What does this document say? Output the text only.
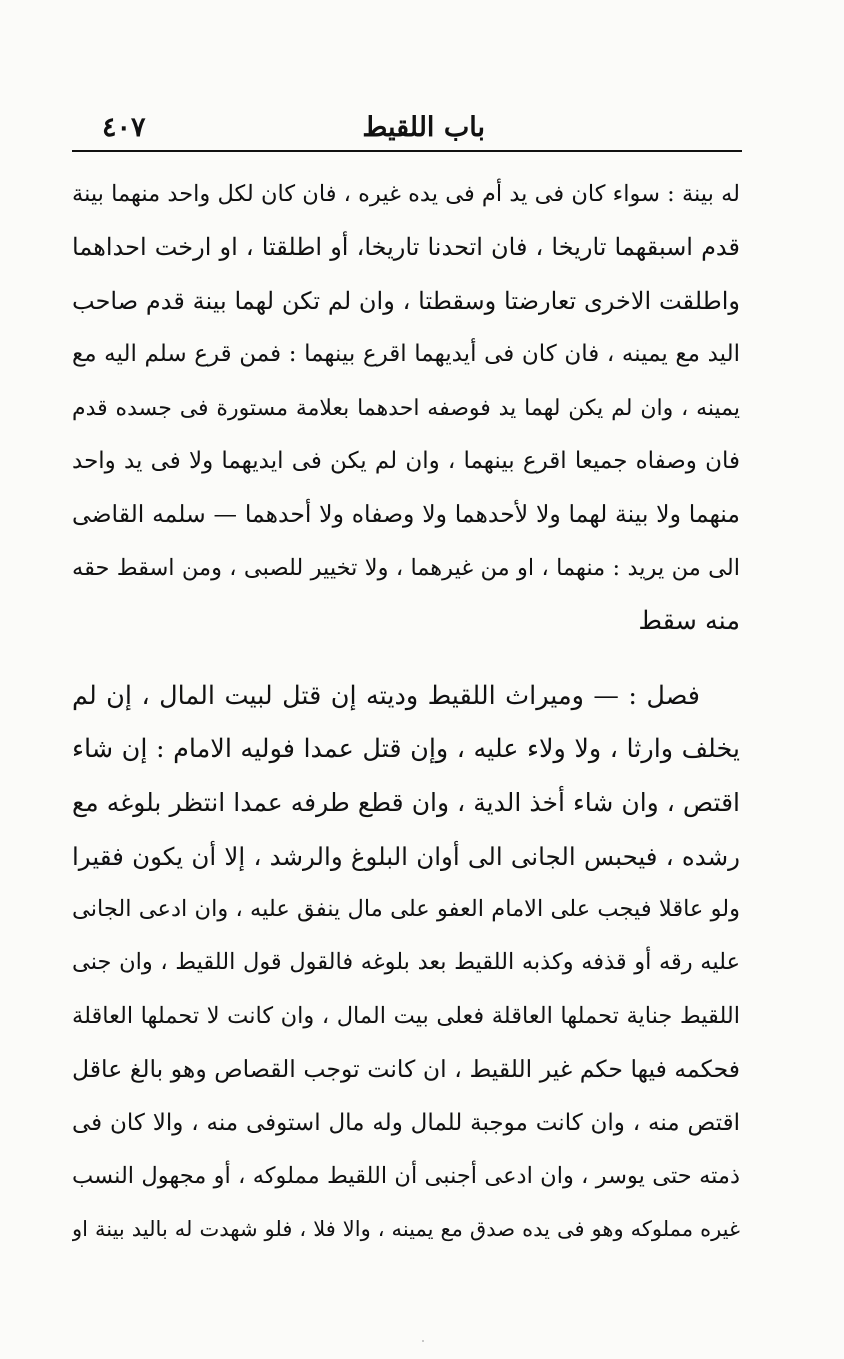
باب اللقيط
٤٠٧
له بينة : سواء كان فى يد أم فى يده غيره ، فان كان لكل واحد منهما بينة
قدم اسبقهما تاريخا ، فان اتحدنا تاريخا، أو اطلقتا ، او ارخت احداهما
واطلقت الاخرى تعارضتا وسقطتا ، وان لم تكن لهما بينة قدم صاحب
اليد مع يمينه ، فان كان فى أيديهما اقرع بينهما : فمن قرع سلم اليه مع
يمينه ، وان لم يكن لهما يد فوصفه احدهما بعلامة مستورة فى جسده قدم
فان وصفاه جميعا اقرع بينهما ، وان لم يكن فى ايديهما ولا فى يد واحد
منهما ولا بينة لهما ولا لأحدهما ولا وصفاه ولا أحدهما — سلمه القاضى
الى من يريد : منهما ، او من غيرهما ، ولا تخيير للصبى ، ومن اسقط حقه
منه سقط
فصل : — وميراث اللقيط وديته إن قتل لبيت المال ، إن لم
يخلف وارثا ، ولا ولاء عليه ، وإن قتل عمدا فوليه الامام : إن شاء
اقتص ، وان شاء أخذ الدية ، وان قطع طرفه عمدا انتظر بلوغه مع
رشده ، فيحبس الجانى الى أوان البلوغ والرشد ، إلا أن يكون فقيرا
ولو عاقلا فيجب على الامام العفو على مال ينفق عليه ، وان ادعى الجانى
عليه رقه أو قذفه وكذبه اللقيط بعد بلوغه فالقول قول اللقيط ، وان جنى
اللقيط جناية تحملها العاقلة فعلى بيت المال ، وان كانت لا تحملها العاقلة
فحكمه فيها حكم غير اللقيط ، ان كانت توجب القصاص وهو بالغ عاقل
اقتص منه ، وان كانت موجبة للمال وله مال استوفى منه ، والا كان فى
ذمته حتى يوسر ، وان ادعى أجنبى أن اللقيط مملوكه ، أو مجهول النسب
غيره مملوكه وهو فى يده صدق مع يمينه ، والا فلا ، فلو شهدت له باليد بينة او
